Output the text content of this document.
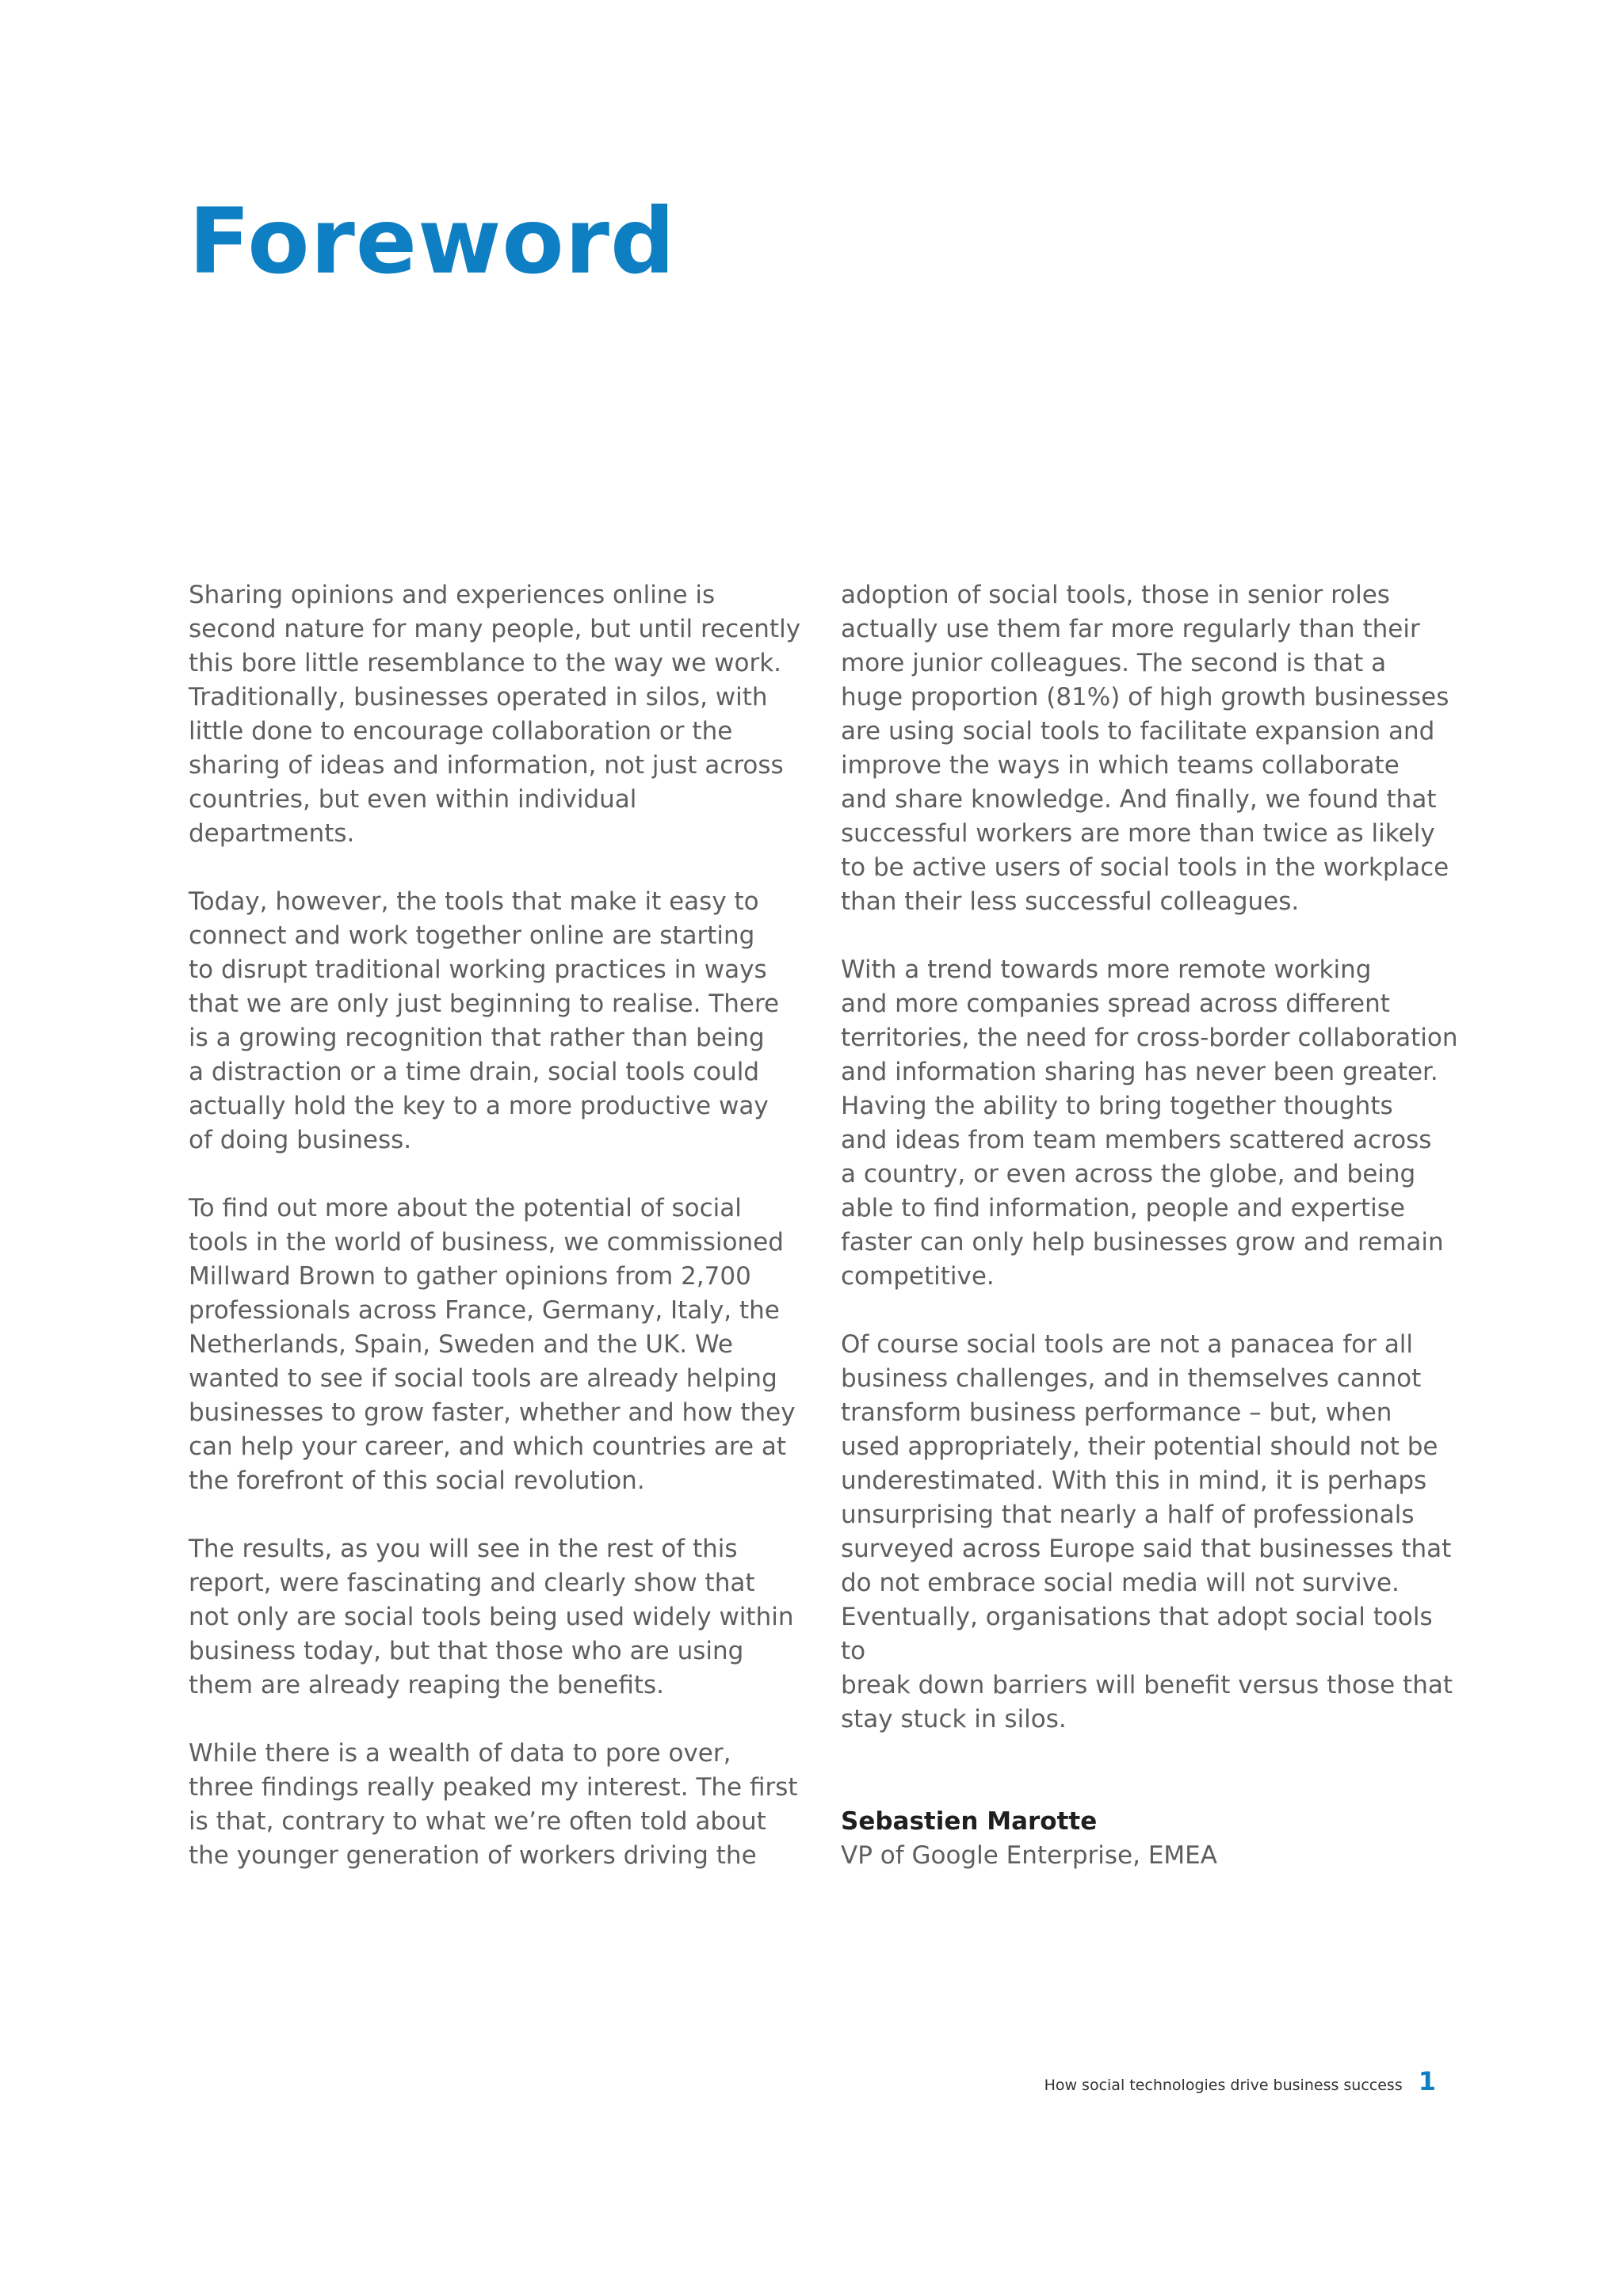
Foreword

Sharing opinions and experiences online is
second nature for many people, but until recently
this bore little resemblance to the way we work.
Traditionally, businesses operated in silos, with
little done to encourage collaboration or the
sharing of ideas and information, not just across
countries, but even within individual departments.

Today, however, the tools that make it easy to
connect and work together online are starting
to disrupt traditional working practices in ways
that we are only just beginning to realise. There
is a growing recognition that rather than being
a distraction or a time drain, social tools could
actually hold the key to a more productive way
of doing business.

To find out more about the potential of social
tools in the world of business, we commissioned
Millward Brown to gather opinions from 2,700
professionals across France, Germany, Italy, the
Netherlands, Spain, Sweden and the UK. We
wanted to see if social tools are already helping
businesses to grow faster, whether and how they
can help your career, and which countries are at
the forefront of this social revolution.

The results, as you will see in the rest of this
report, were fascinating and clearly show that
not only are social tools being used widely within
business today, but that those who are using
them are already reaping the benefits.

While there is a wealth of data to pore over,
three findings really peaked my interest. The first
is that, contrary to what we’re often told about
the younger generation of workers driving the

adoption of social tools, those in senior roles
actually use them far more regularly than their
more junior colleagues. The second is that a
huge proportion (81%) of high growth businesses
are using social tools to facilitate expansion and
improve the ways in which teams collaborate
and share knowledge. And finally, we found that
successful workers are more than twice as likely
to be active users of social tools in the workplace
than their less successful colleagues.

With a trend towards more remote working
and more companies spread across different
territories, the need for cross-border collaboration
and information sharing has never been greater.
Having the ability to bring together thoughts
and ideas from team members scattered across
a country, or even across the globe, and being
able to find information, people and expertise
faster can only help businesses grow and remain
competitive.

Of course social tools are not a panacea for all
business challenges, and in themselves cannot
transform business performance – but, when
used appropriately, their potential should not be
underestimated. With this in mind, it is perhaps
unsurprising that nearly a half of professionals
surveyed across Europe said that businesses that
do not embrace social media will not survive.
Eventually, organisations that adopt social tools to
break down barriers will benefit versus those that
stay stuck in silos.

Sebastien Marotte
VP of Google Enterprise, EMEA
How social technologies drive business success 1
